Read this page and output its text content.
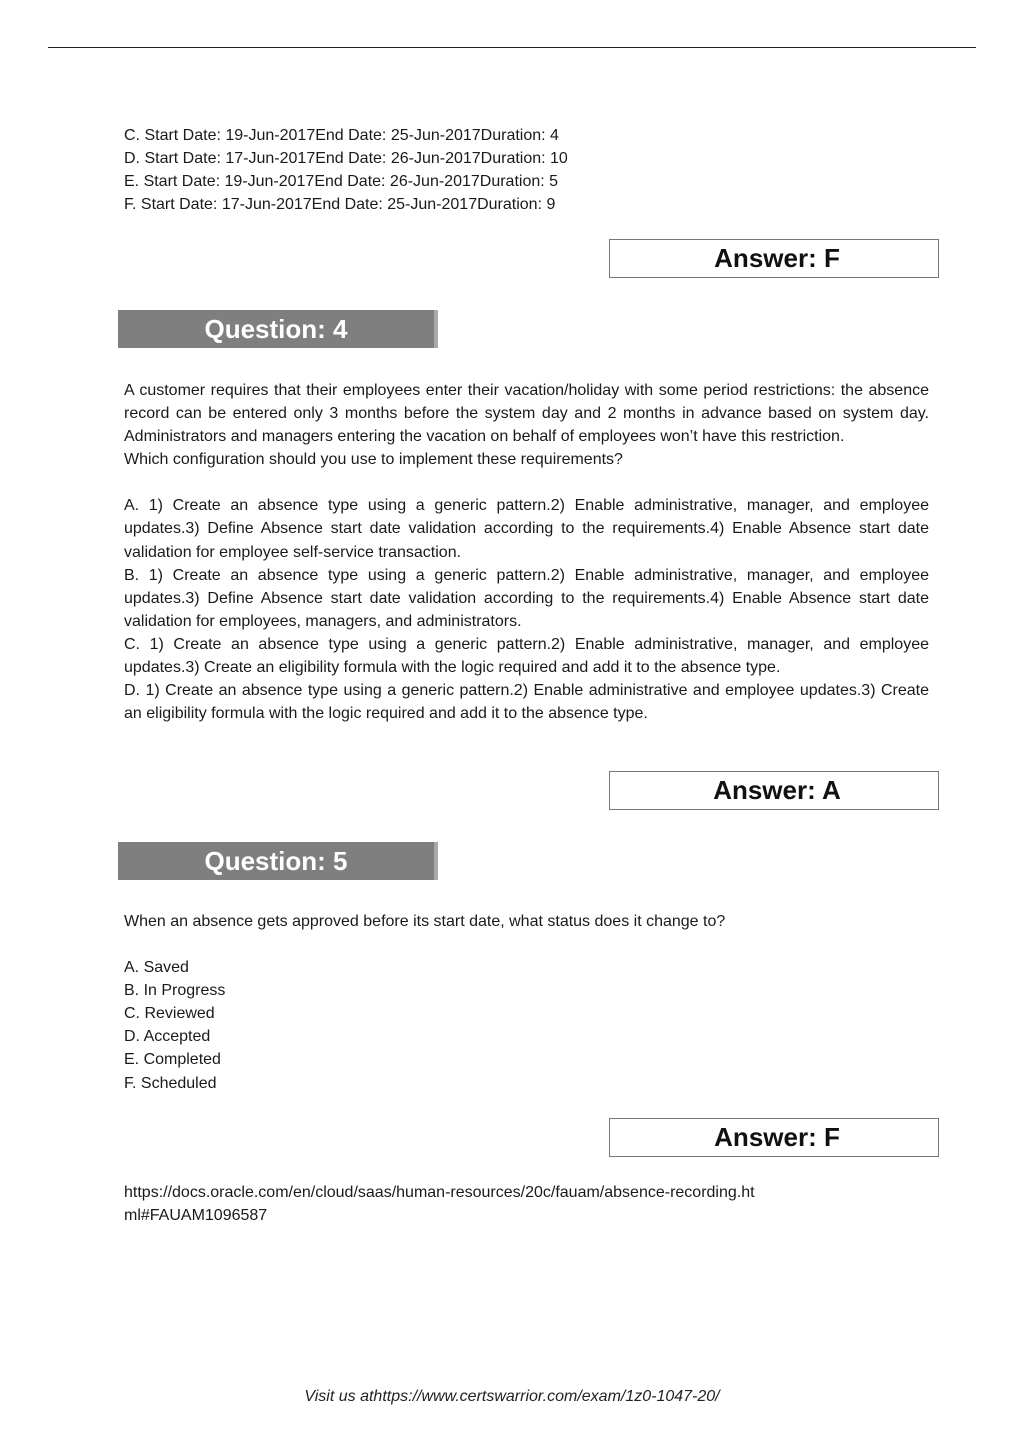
C. Start Date: 19-Jun-2017End Date: 25-Jun-2017Duration: 4
D. Start Date: 17-Jun-2017End Date: 26-Jun-2017Duration: 10
E. Start Date: 19-Jun-2017End Date: 26-Jun-2017Duration: 5
F. Start Date: 17-Jun-2017End Date: 25-Jun-2017Duration: 9
Answer: F
Question: 4
A customer requires that their employees enter their vacation/holiday with some period restrictions: the absence record can be entered only 3 months before the system day and 2 months in advance based on system day. Administrators and managers entering the vacation on behalf of employees won’t have this restriction.
Which configuration should you use to implement these requirements?
A. 1) Create an absence type using a generic pattern.2) Enable administrative, manager, and employee updates.3) Define Absence start date validation according to the requirements.4) Enable Absence start date validation for employee self-service transaction.
B. 1) Create an absence type using a generic pattern.2) Enable administrative, manager, and employee updates.3) Define Absence start date validation according to the requirements.4) Enable Absence start date validation for employees, managers, and administrators.
C. 1) Create an absence type using a generic pattern.2) Enable administrative, manager, and employee updates.3) Create an eligibility formula with the logic required and add it to the absence type.
D. 1) Create an absence type using a generic pattern.2) Enable administrative and employee updates.3) Create an eligibility formula with the logic required and add it to the absence type.
Answer: A
Question: 5
When an absence gets approved before its start date, what status does it change to?
A. Saved
B. In Progress
C. Reviewed
D. Accepted
E. Completed
F. Scheduled
Answer: F
https://docs.oracle.com/en/cloud/saas/human-resources/20c/fauam/absence-recording.html#FAUAM1096587
Visit us athttps://www.certswarrior.com/exam/1z0-1047-20/
